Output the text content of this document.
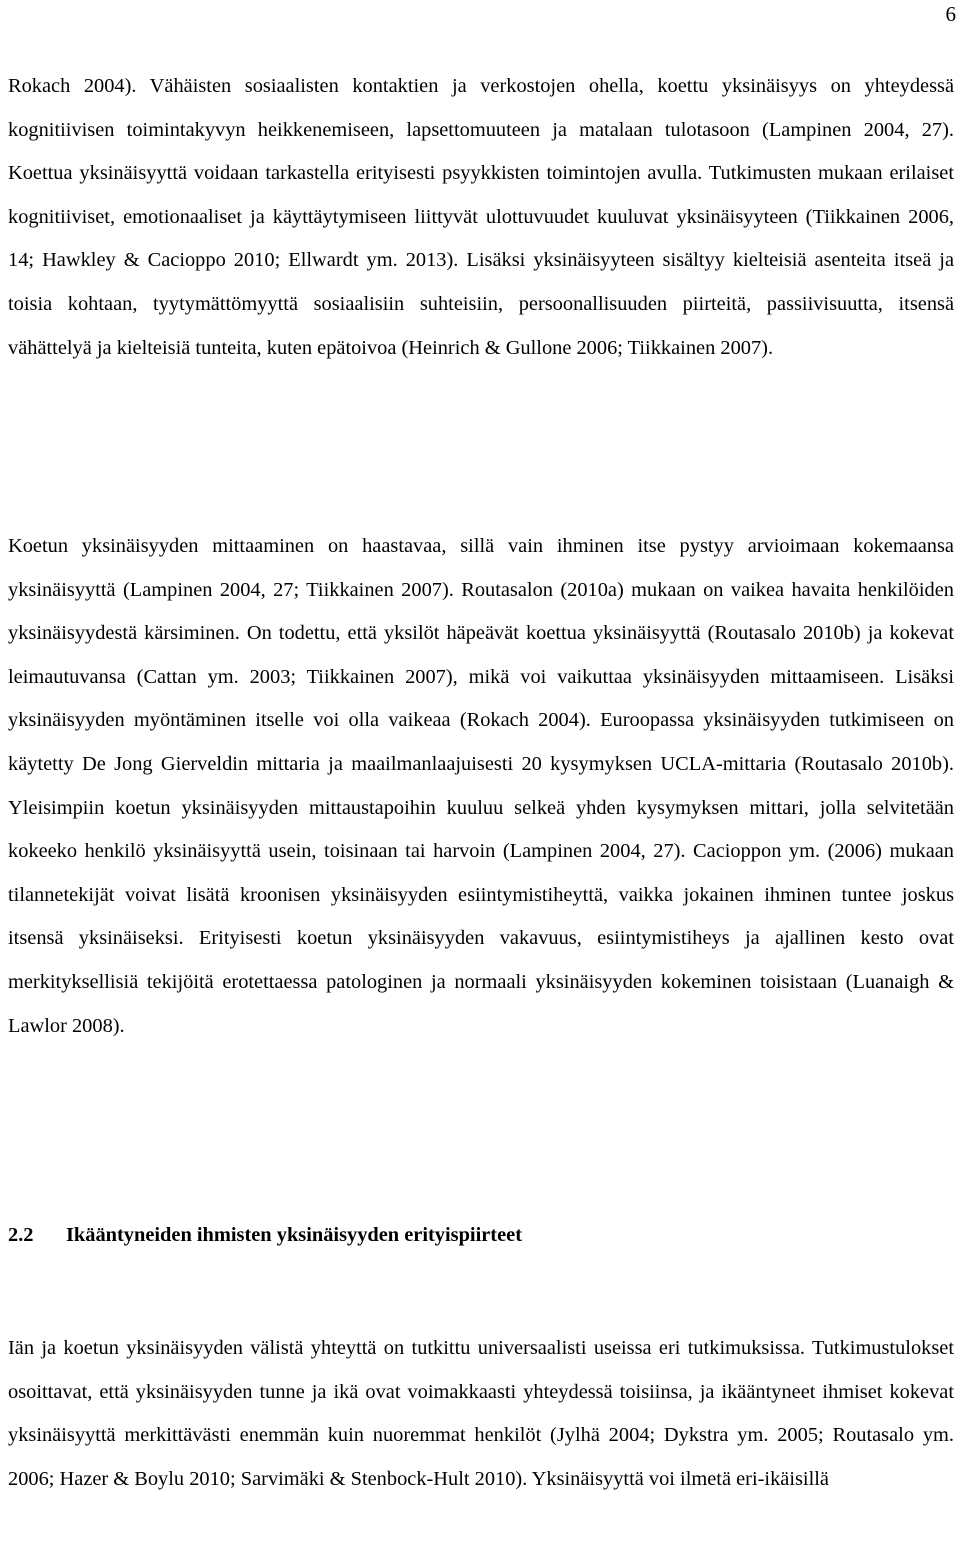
6

Rokach 2004). Vähäisten sosiaalisten kontaktien ja verkostojen ohella, koettu yksinäisyys on yhteydessä kognitiivisen toimintakyvyn heikkenemiseen, lapsettomuuteen ja matalaan tulotasoon (Lampinen 2004, 27). Koettua yksinäisyyttä voidaan tarkastella erityisesti psyykkisten toimintojen avulla. Tutkimusten mukaan erilaiset kognitiiviset, emotionaaliset ja käyttäytymiseen liittyvät ulottuvuudet kuuluvat yksinäisyyteen (Tiikkainen 2006, 14; Hawkley & Cacioppo 2010; Ellwardt ym. 2013). Lisäksi yksinäisyyteen sisältyy kielteisiä asenteita itseä ja toisia kohtaan, tyytymättömyyttä sosiaalisiin suhteisiin, persoonallisuuden piirteitä, passiivisuutta, itsensä vähättelyä ja kielteisiä tunteita, kuten epätoivoa (Heinrich & Gullone 2006; Tiikkainen 2007).

Koetun yksinäisyyden mittaaminen on haastavaa, sillä vain ihminen itse pystyy arvioimaan kokemaansa yksinäisyyttä (Lampinen 2004, 27; Tiikkainen 2007). Routasalon (2010a) mukaan on vaikea havaita henkilöiden yksinäisyydestä kärsiminen. On todettu, että yksilöt häpeävät koettua yksinäisyyttä (Routasalo 2010b) ja kokevat leimautuvansa (Cattan ym. 2003; Tiikkainen 2007), mikä voi vaikuttaa yksinäisyyden mittaamiseen. Lisäksi yksinäisyyden myöntäminen itselle voi olla vaikeaa (Rokach 2004). Euroopassa yksinäisyyden tutkimiseen on käytetty De Jong Gierveldin mittaria ja maailmanlaajuisesti 20 kysymyksen UCLA-mittaria (Routasalo 2010b). Yleisimpiin koetun yksinäisyyden mittaustapoihin kuuluu selkeä yhden kysymyksen mittari, jolla selvitetään kokeeko henkilö yksinäisyyttä usein, toisinaan tai harvoin (Lampinen 2004, 27). Cacioppon ym. (2006) mukaan tilannetekijät voivat lisätä kroonisen yksinäisyyden esiintymistiheyttä, vaikka jokainen ihminen tuntee joskus itsensä yksinäiseksi. Erityisesti koetun yksinäisyyden vakavuus, esiintymistiheys ja ajallinen kesto ovat merkityksellisiä tekijöitä erotettaessa patologinen ja normaali yksinäisyyden kokeminen toisistaan (Luanaigh & Lawlor 2008).

2.2 Ikääntyneiden ihmisten yksinäisyyden erityispiirteet

Iän ja koetun yksinäisyyden välistä yhteyttä on tutkittu universaalisti useissa eri tutkimuksissa. Tutkimustulokset osoittavat, että yksinäisyyden tunne ja ikä ovat voimakkaasti yhteydessä toisiinsa, ja ikääntyneet ihmiset kokevat yksinäisyyttä merkittävästi enemmän kuin nuoremmat henkilöt (Jylhä 2004; Dykstra ym. 2005; Routasalo ym. 2006; Hazer & Boylu 2010; Sarvimäki & Stenbock-Hult 2010). Yksinäisyyttä voi ilmetä eri-ikäisillä
